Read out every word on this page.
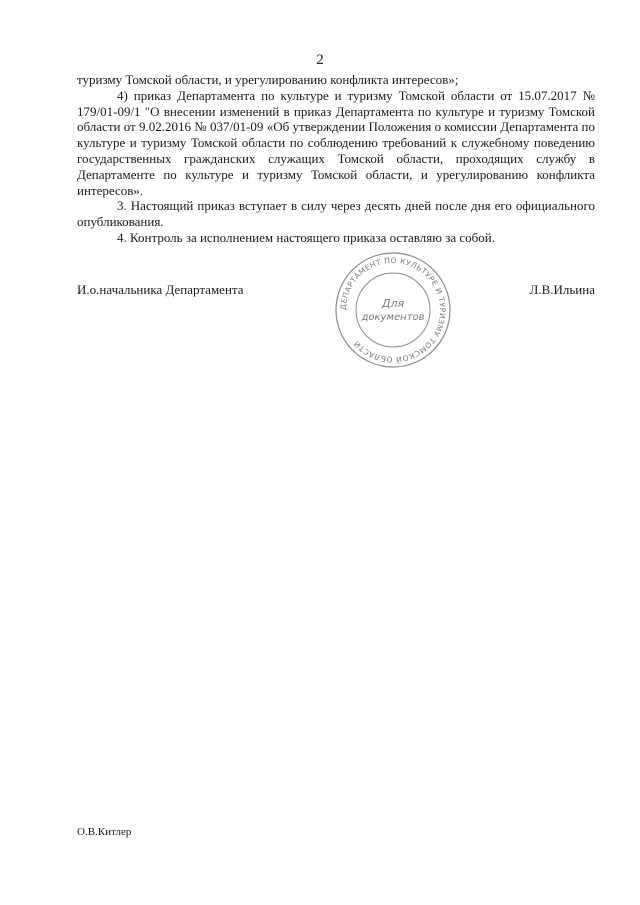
2

туризму Томской области, и урегулированию конфликта интересов»;

4) приказ Департамента по культуре и туризму Томской области от 15.07.2017 № 179/01-09/1 "О внесении изменений в приказ Департамента по культуре и туризму Томской области от 9.02.2016 № 037/01-09 «Об утверждении Положения о комиссии Департамента по культуре и туризму Томской области по соблюдению требований к служебному поведению государственных гражданских служащих Томской области, проходящих службу в Департаменте по культуре и туризму Томской области, и урегулированию конфликта интересов».

3. Настоящий приказ вступает в силу через десять дней после дня его официального опубликования.

4. Контроль за исполнением настоящего приказа оставляю за собой.

И.о.начальника Департамента	Л.В.Ильина
ДЕПАРТАМЕНТ ПО КУЛЬТУРЕ И ТУРИЗМУ ТОМСКОЙ ОБЛАСТИ
Для
документов
О.В.Китлер
